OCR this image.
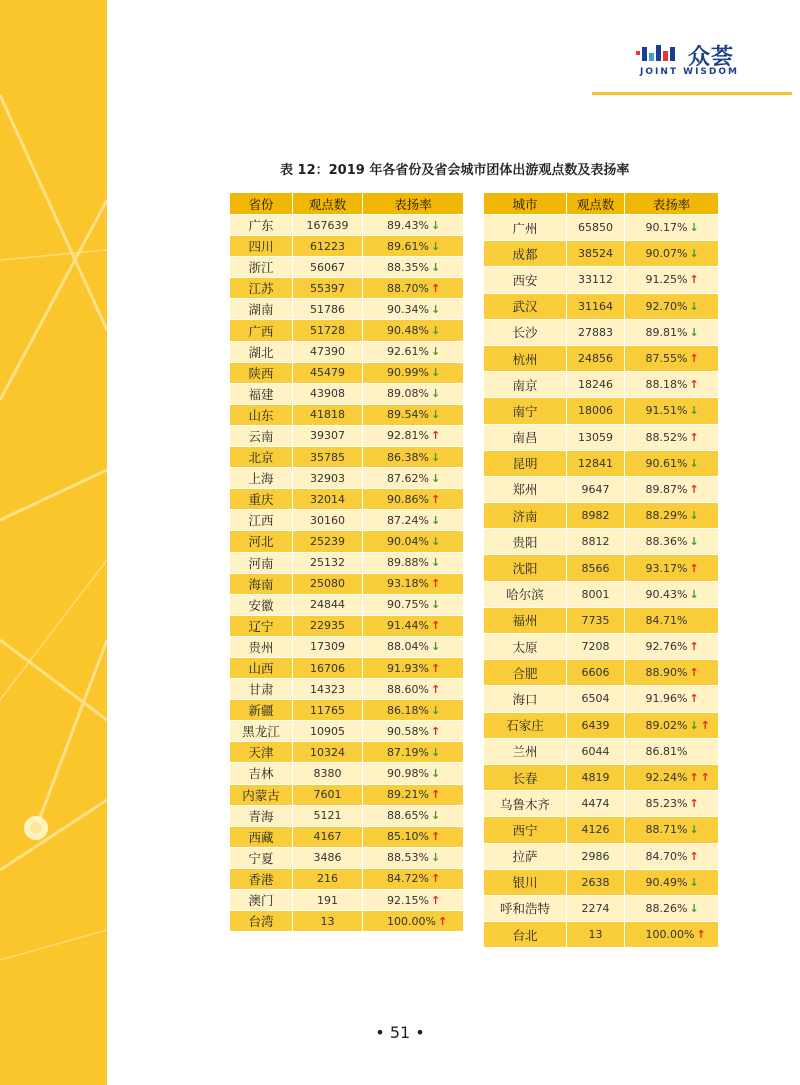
众荟
JOINT WISDOM
表 12：2019 年各省份及省会城市团体出游观点数及表扬率
省份	观点数	表扬率
广东	167639	89.43% ↓
四川	61223	89.61% ↓
浙江	56067	88.35% ↓
江苏	55397	88.70% ↑
湖南	51786	90.34% ↓
广西	51728	90.48% ↓
湖北	47390	92.61% ↓
陕西	45479	90.99% ↓
福建	43908	89.08% ↓
山东	41818	89.54% ↓
云南	39307	92.81% ↑
北京	35785	86.38% ↓
上海	32903	87.62% ↓
重庆	32014	90.86% ↑
江西	30160	87.24% ↓
河北	25239	90.04% ↓
河南	25132	89.88% ↓
海南	25080	93.18% ↑
安徽	24844	90.75% ↓
辽宁	22935	91.44% ↑
贵州	17309	88.04% ↓
山西	16706	91.93% ↑
甘肃	14323	88.60% ↑
新疆	11765	86.18% ↓
黑龙江	10905	90.58% ↑
天津	10324	87.19% ↓
吉林	8380	90.98% ↓
内蒙古	7601	89.21% ↑
青海	5121	88.65% ↓
西藏	4167	85.10% ↑
宁夏	3486	88.53% ↓
香港	216	84.72% ↑
澳门	191	92.15% ↑
台湾	13	100.00% ↑
城市	观点数	表扬率
广州	65850	90.17% ↓
成都	38524	90.07% ↓
西安	33112	91.25% ↑
武汉	31164	92.70% ↓
长沙	27883	89.81% ↓
杭州	24856	87.55% ↑
南京	18246	88.18% ↑
南宁	18006	91.51% ↓
南昌	13059	88.52% ↑
昆明	12841	90.61% ↓
郑州	9647	89.87% ↑
济南	8982	88.29% ↓
贵阳	8812	88.36% ↓
沈阳	8566	93.17% ↑
哈尔滨	8001	90.43% ↓
福州	7735	84.71%
太原	7208	92.76% ↑
合肥	6606	88.90% ↑
海口	6504	91.96% ↑
石家庄	6439	89.02% ↓ ↑
兰州	6044	86.81%
长春	4819	92.24% ↑ ↑
乌鲁木齐	4474	85.23% ↑
西宁	4126	88.71% ↓
拉萨	2986	84.70% ↑
银川	2638	90.49% ↓
呼和浩特	2274	88.26% ↓
台北	13	100.00% ↑
• 51 •
